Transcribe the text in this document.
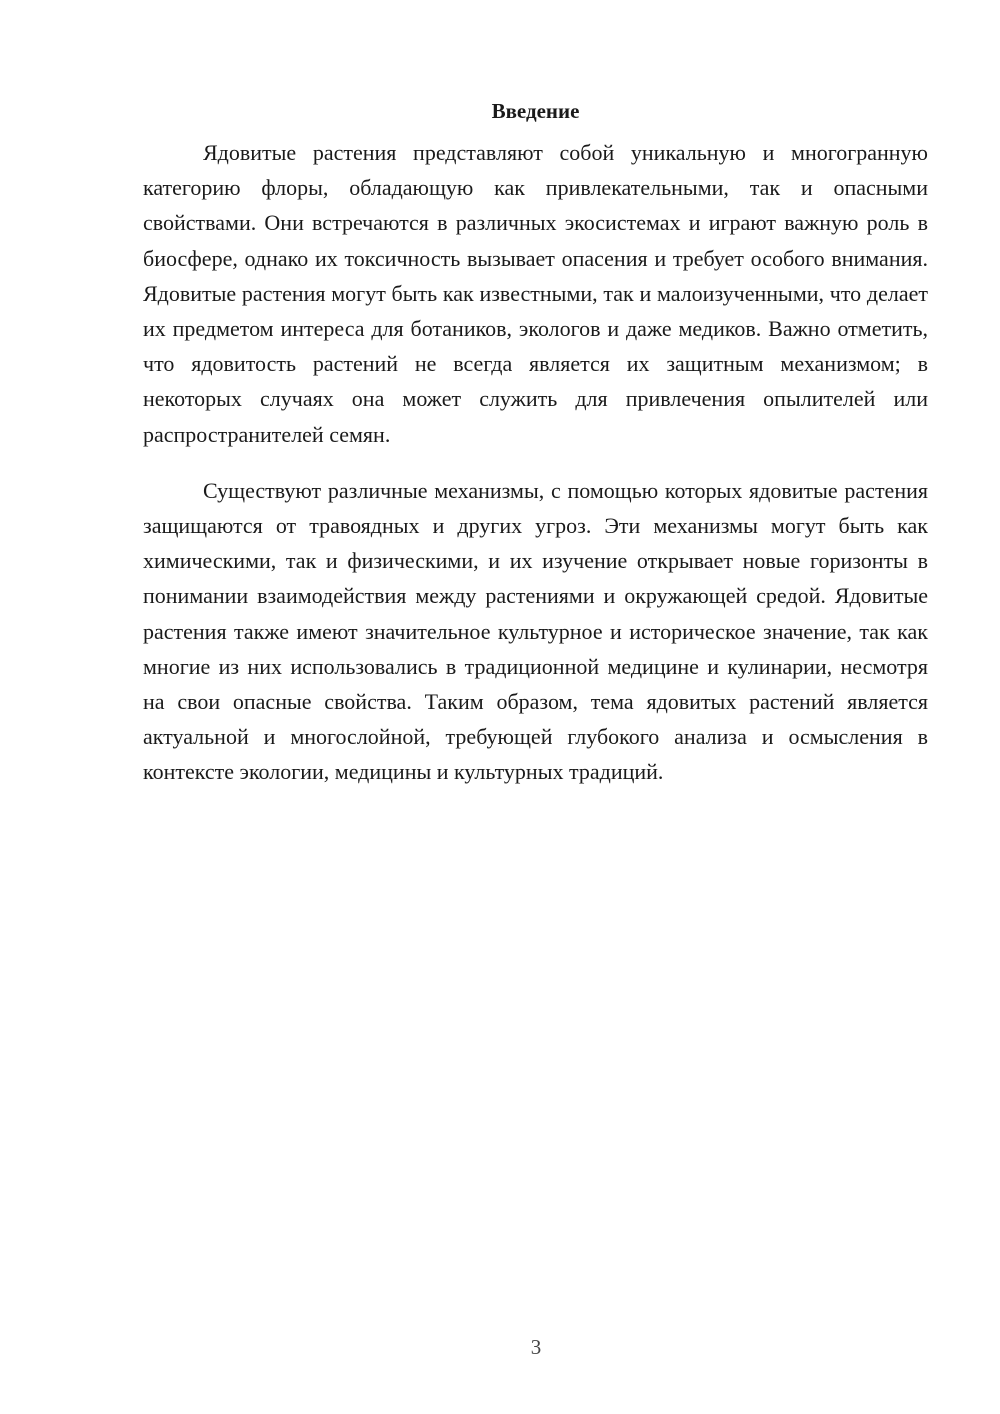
Введение

Ядовитые растения представляют собой уникальную и многогранную категорию флоры, обладающую как привлекательными, так и опасными свойствами. Они встречаются в различных экосистемах и играют важную роль в биосфере, однако их токсичность вызывает опасения и требует особого внимания. Ядовитые растения могут быть как известными, так и малоизученными, что делает их предметом интереса для ботаников, экологов и даже медиков. Важно отметить, что ядовитость растений не всегда является их защитным механизмом; в некоторых случаях она может служить для привлечения опылителей или распространителей семян.

Существуют различные механизмы, с помощью которых ядовитые растения защищаются от травоядных и других угроз. Эти механизмы могут быть как химическими, так и физическими, и их изучение открывает новые горизонты в понимании взаимодействия между растениями и окружающей средой. Ядовитые растения также имеют значительное культурное и историческое значение, так как многие из них использовались в традиционной медицине и кулинарии, несмотря на свои опасные свойства. Таким образом, тема ядовитых растений является актуальной и многослойной, требующей глубокого анализа и осмысления в контексте экологии, медицины и культурных традиций.

3
